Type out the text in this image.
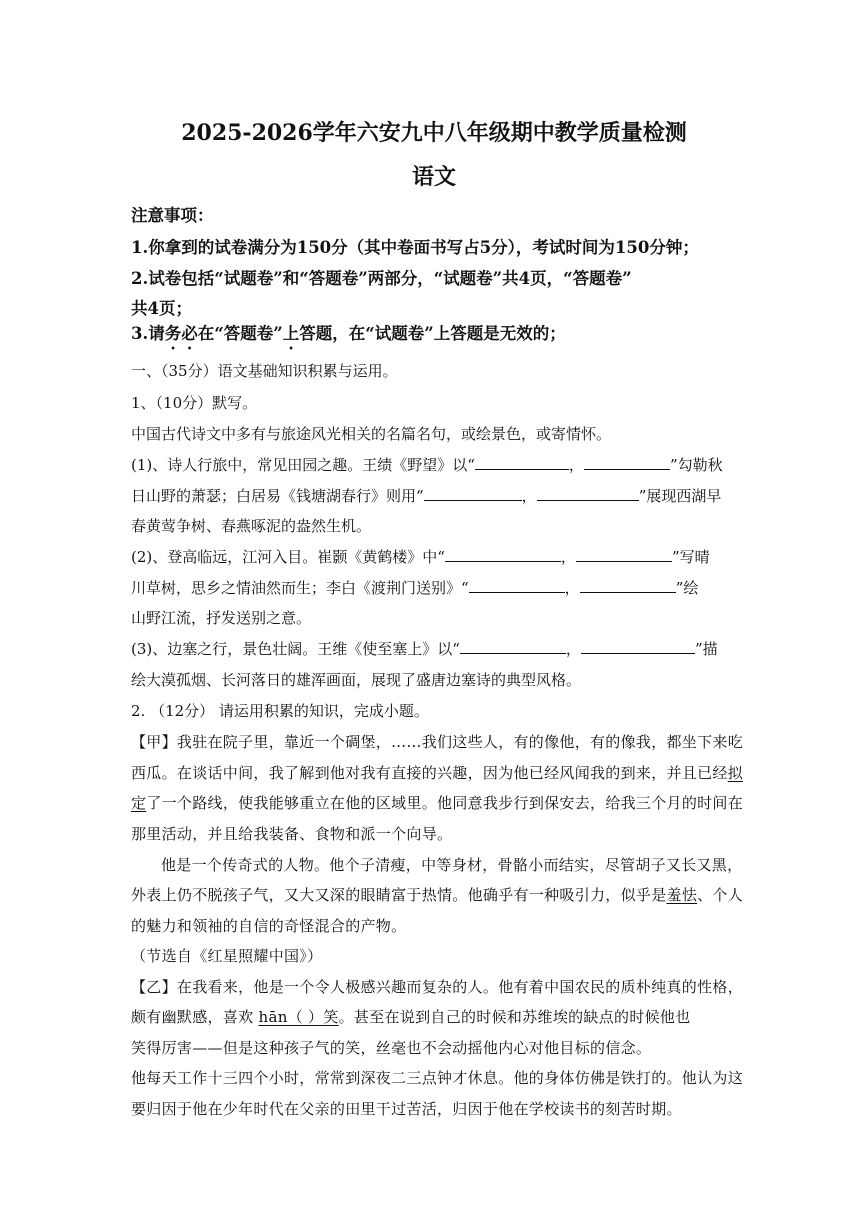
2025-2026学年六安九中八年级期中教学质量检测
语文
注意事项：
1.你拿到的试卷满分为150分（其中卷面书写占5分），考试时间为150分钟；
2.试卷包括“试题卷”和“答题卷”两部分，“试题卷”共4页，“答题卷”
共4页；
3.请务必在“答题卷”上答题，在“试题卷”上答题是无效的；
一、（35分）语文基础知识积累与运用。
1、（10分）默写。
中国古代诗文中多有与旅途风光相关的名篇名句，或绘景色，或寄情怀。
(1)、诗人行旅中，常见田园之趣。王绩《野望》以“	，	”勾勒秋
日山野的萧瑟；白居易《钱塘湖春行》则用“	，	”展现西湖早
春黄莺争树、春燕啄泥的盎然生机。
(2)、登高临远，江河入目。崔颢《黄鹤楼》中“	，	”写晴
川草树，思乡之情油然而生；李白《渡荆门送别》“	，	”绘
山野江流，抒发送别之意。
(3)、边塞之行，景色壮阔。王维《使至塞上》以“	，	”描
绘大漠孤烟、长河落日的雄浑画面，展现了盛唐边塞诗的典型风格。
2. （12分） 请运用积累的知识，完成小题。
【甲】我驻在院子里，靠近一个碉堡，……我们这些人，有的像他，有的像我，都坐下来吃
西瓜。在谈话中间，我了解到他对我有直接的兴趣，因为他已经风闻我的到来，并且已经拟
定了一个路线，使我能够重立在他的区域里。他同意我步行到保安去，给我三个月的时间在
那里活动，并且给我装备、食物和派一个向导。
他是一个传奇式的人物。他个子清瘦，中等身材，骨骼小而结实，尽管胡子又长又黑，
外表上仍不脱孩子气，又大又深的眼睛富于热情。他确乎有一种吸引力，似乎是羞怯、个人
的魅力和领袖的自信的奇怪混合的产物。
（节选自《红星照耀中国》）
【乙】在我看来，他是一个令人极感兴趣而复杂的人。他有着中国农民的质朴纯真的性格，
颇有幽默感，喜欢 hān（ ）笑。甚至在说到自己的时候和苏维埃的缺点的时候他也
笑得厉害——但是这种孩子气的笑，丝毫也不会动摇他内心对他目标的信念。
他每天工作十三四个小时，常常到深夜二三点钟才休息。他的身体仿佛是铁打的。他认为这
要归因于他在少年时代在父亲的田里干过苦活，归因于他在学校读书的刻苦时期。
